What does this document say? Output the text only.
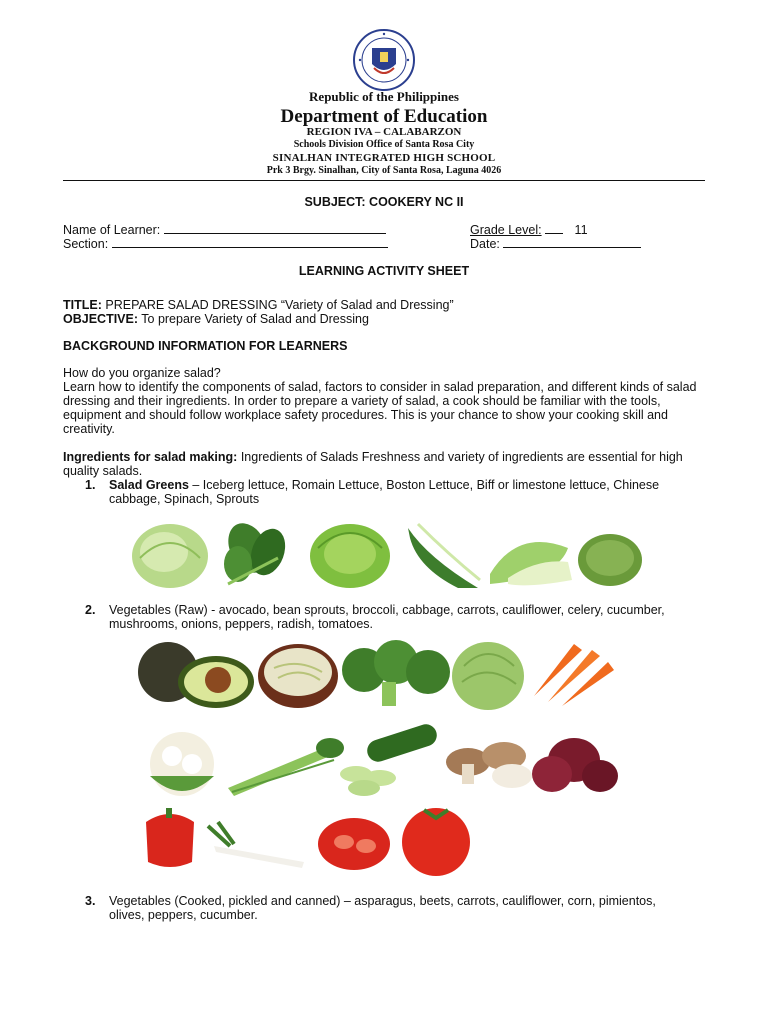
Republic of the Philippines
Department of Education
REGION IVA – CALABARZON
Schools Division Office of Santa Rosa City
SINALHAN INTEGRATED HIGH SCHOOL
Prk 3 Brgy. Sinalhan, City of Santa Rosa, Laguna 4026
SUBJECT: COOKERY NC II
Name of Learner:
Section:
Grade Level:	11
Date:
LEARNING ACTIVITY SHEET
TITLE: PREPARE SALAD DRESSING “Variety of Salad and Dressing”
OBJECTIVE: To prepare Variety of Salad and Dressing
BACKGROUND INFORMATION FOR LEARNERS
How do you organize salad?
Learn how to identify the components of salad, factors to consider in salad preparation, and different kinds of salad dressing and their ingredients. In order to prepare a variety of salad, a cook should be familiar with the tools, equipment and should follow workplace safety procedures. This is your chance to show your cooking skill and creativity.
Ingredients for salad making: Ingredients of Salads Freshness and variety of ingredients are essential for high quality salads.
1. Salad Greens – Iceberg lettuce, Romain Lettuce, Boston Lettuce, Biff or limestone lettuce, Chinese cabbage, Spinach, Sprouts
2. Vegetables (Raw) - avocado, bean sprouts, broccoli, cabbage, carrots, cauliflower, celery, cucumber, mushrooms, onions, peppers, radish, tomatoes.
3. Vegetables (Cooked, pickled and canned) – asparagus, beets, carrots, cauliflower, corn, pimientos, olives, peppers, cucumber.
